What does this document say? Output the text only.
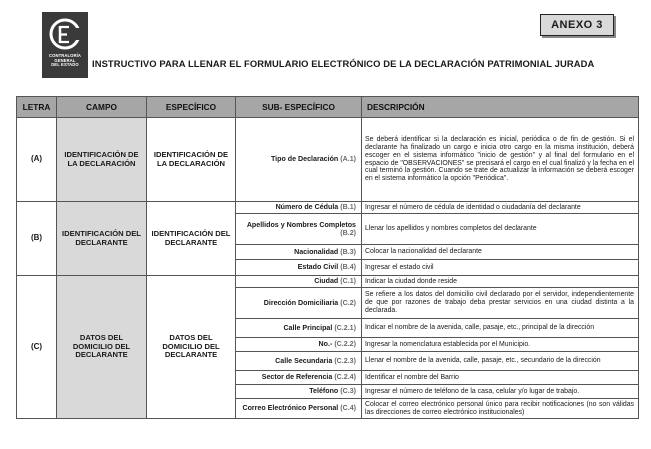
CONTRALORÍA
GENERAL
DEL ESTADO
ANEXO 3
INSTRUCTIVO PARA LLENAR EL FORMULARIO ELECTRÓNICO DE LA DECLARACIÓN PATRIMONIAL JURADA
LETRA	CAMPO	ESPECÍFICO	SUB- ESPECÍFICO	DESCRIPCIÓN
(A)	IDENTIFICACIÓN DE LA DECLARACIÓN	IDENTIFICACIÓN DE LA DECLARACIÓN	Tipo de Declaración (A.1)	Se deberá identificar si la declaración es inicial, periódica o de fin de gestión. Si el declarante ha finalizado un cargo e inicia otro cargo en la misma institución, deberá escoger en el sistema informático "inicio de gestión" y al final del formulario en el espacio de "OBSERVACIONES" se precisará el cargo en el cual finalizó y la fecha en el cual terminó la gestión. Cuando se trate de actualizar la información se deberá escoger en el sistema informático la opción "Periódica".
(B)	IDENTIFICACIÓN DEL DECLARANTE	IDENTIFICACIÓN DEL DECLARANTE	Número de Cédula (B.1)	Ingresar el número de cédula de identidad o ciudadanía del declarante
			Apellidos y Nombres Completos (B.2)	Llenar los apellidos y nombres completos del declarante
			Nacionalidad (B.3)	Colocar la nacionalidad del declarante
			Estado Civil (B.4)	Ingresar el estado civil
(C)	DATOS DEL DOMICILIO DEL DECLARANTE	DATOS DEL DOMICILIO DEL DECLARANTE	Ciudad (C.1)	Indicar la ciudad donde reside
			Dirección Domiciliaria (C.2)	Se refiere a los datos del domicilio civil declarado por el servidor, independientemente de que por razones de trabajo deba prestar servicios en una ciudad distinta a la declarada.
			Calle Principal (C.2.1)	Indicar el nombre de la avenida, calle, pasaje, etc., principal de la dirección
			No.- (C.2.2)	Ingresar la nomenclatura establecida por el Municipio.
			Calle Secundaria (C.2.3)	Llenar el nombre de la avenida, calle, pasaje, etc., secundario de la dirección
			Sector de Referencia (C.2.4)	Identificar el nombre del Barrio
			Teléfono (C.3)	Ingresar el número de teléfono de la casa, celular y/o lugar de trabajo.
			Correo Electrónico Personal (C.4)	Colocar el correo electrónico personal único para recibir notificaciones (no son válidas las direcciones de correo electrónico institucionales)
